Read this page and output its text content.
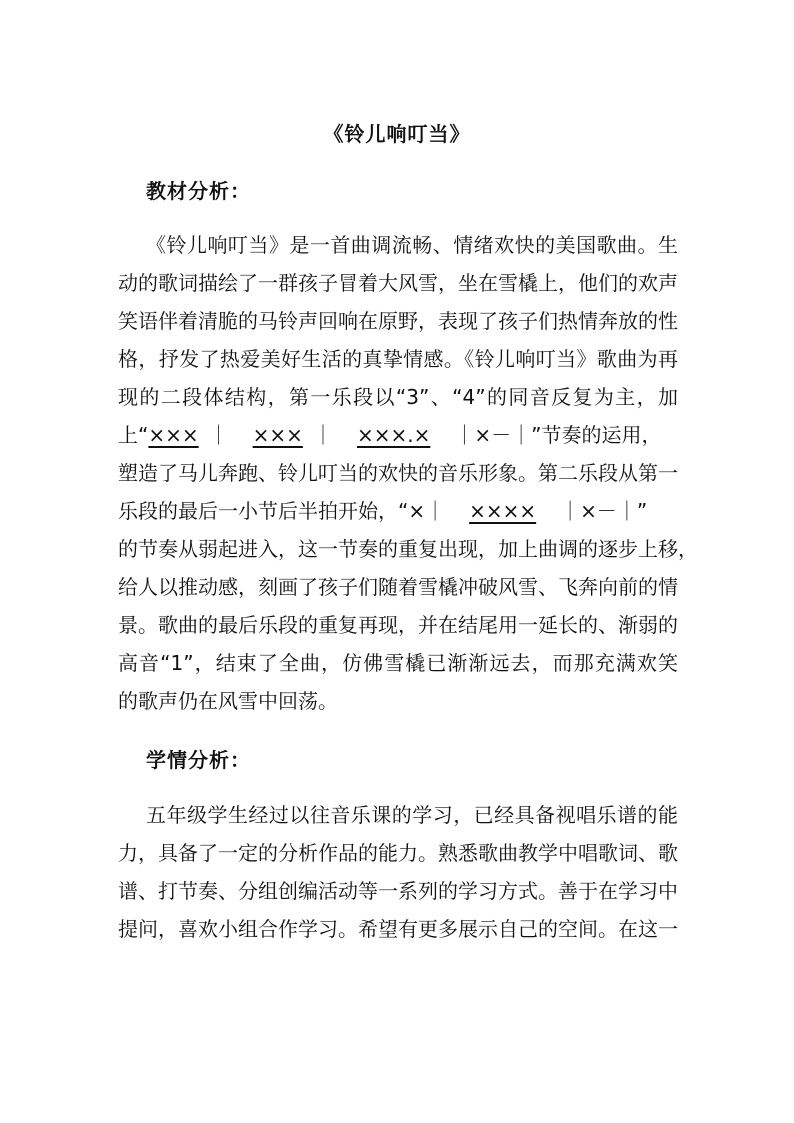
《铃儿响叮当》
教材分析：
《铃儿响叮当》是一首曲调流畅、情绪欢快的美国歌曲。生
动的歌词描绘了一群孩子冒着大风雪，坐在雪橇上，他们的欢声
笑语伴着清脆的马铃声回响在原野，表现了孩子们热情奔放的性
格，抒发了热爱美好生活的真挚情感。《铃儿响叮当》歌曲为再
现的二段体结构，第一乐段以“3”、“4”的同音反复为主，加
上“××× ｜ ××× ｜ ×××.× ｜×－｜”节奏的运用，
塑造了马儿奔跑、铃儿叮当的欢快的音乐形象。第二乐段从第一
乐段的最后一小节后半拍开始，“×｜ ×××× ｜×－｜”
的节奏从弱起进入，这一节奏的重复出现，加上曲调的逐步上移，
给人以推动感，刻画了孩子们随着雪橇冲破风雪、飞奔向前的情
景。歌曲的最后乐段的重复再现，并在结尾用一延长的、渐弱的
高音“1”，结束了全曲，仿佛雪橇已渐渐远去，而那充满欢笑
的歌声仍在风雪中回荡。
学情分析：
五年级学生经过以往音乐课的学习，已经具备视唱乐谱的能
力，具备了一定的分析作品的能力。熟悉歌曲教学中唱歌词、歌
谱、打节奏、分组创编活动等一系列的学习方式。善于在学习中
提问，喜欢小组合作学习。希望有更多展示自己的空间。在这一
